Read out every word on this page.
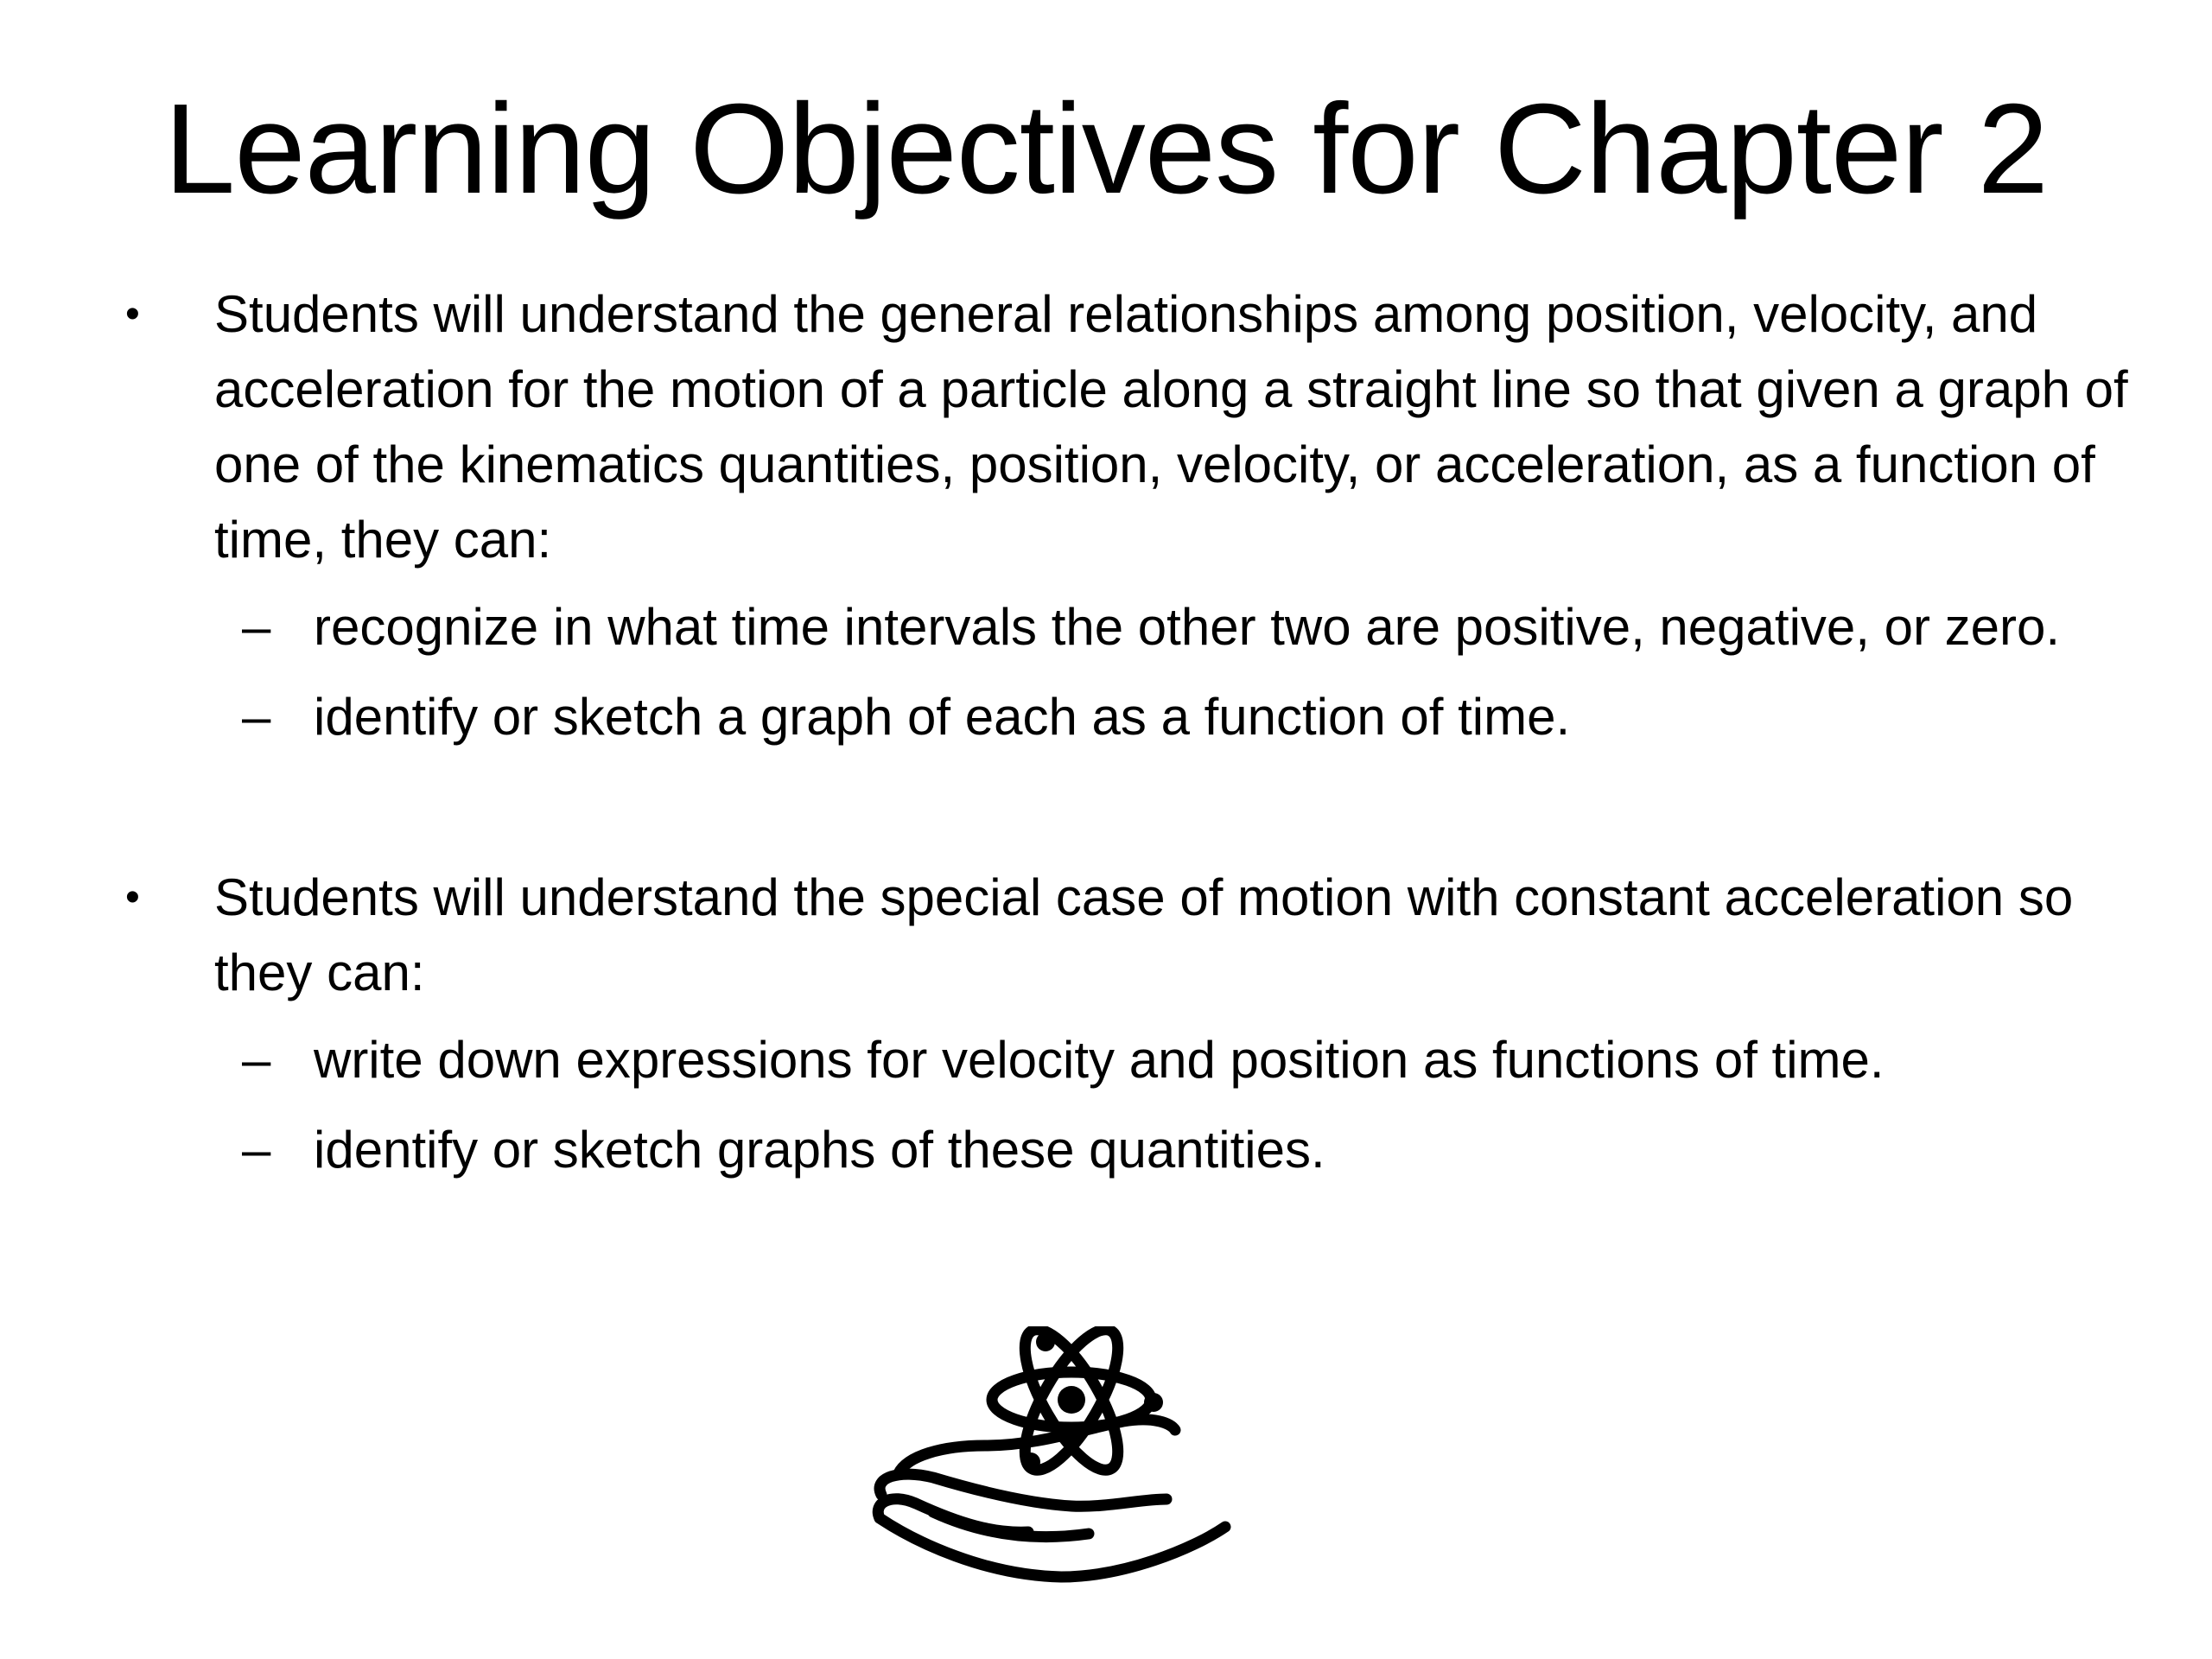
Learning Objectives for Chapter 2
•	Students will understand the general relationships among position, velocity, and acceleration for the motion of a particle along a straight line so that given a graph of one of the kinematics quantities, position, velocity, or acceleration, as a function of time, they can:
– recognize in what time intervals the other two are positive, negative, or zero.
– identify or sketch a graph of each as a function of time.
•	Students will understand the special case of motion with constant acceleration so they can:
– write down expressions for velocity and position as functions of time.
– identify or sketch graphs of these quantities.
